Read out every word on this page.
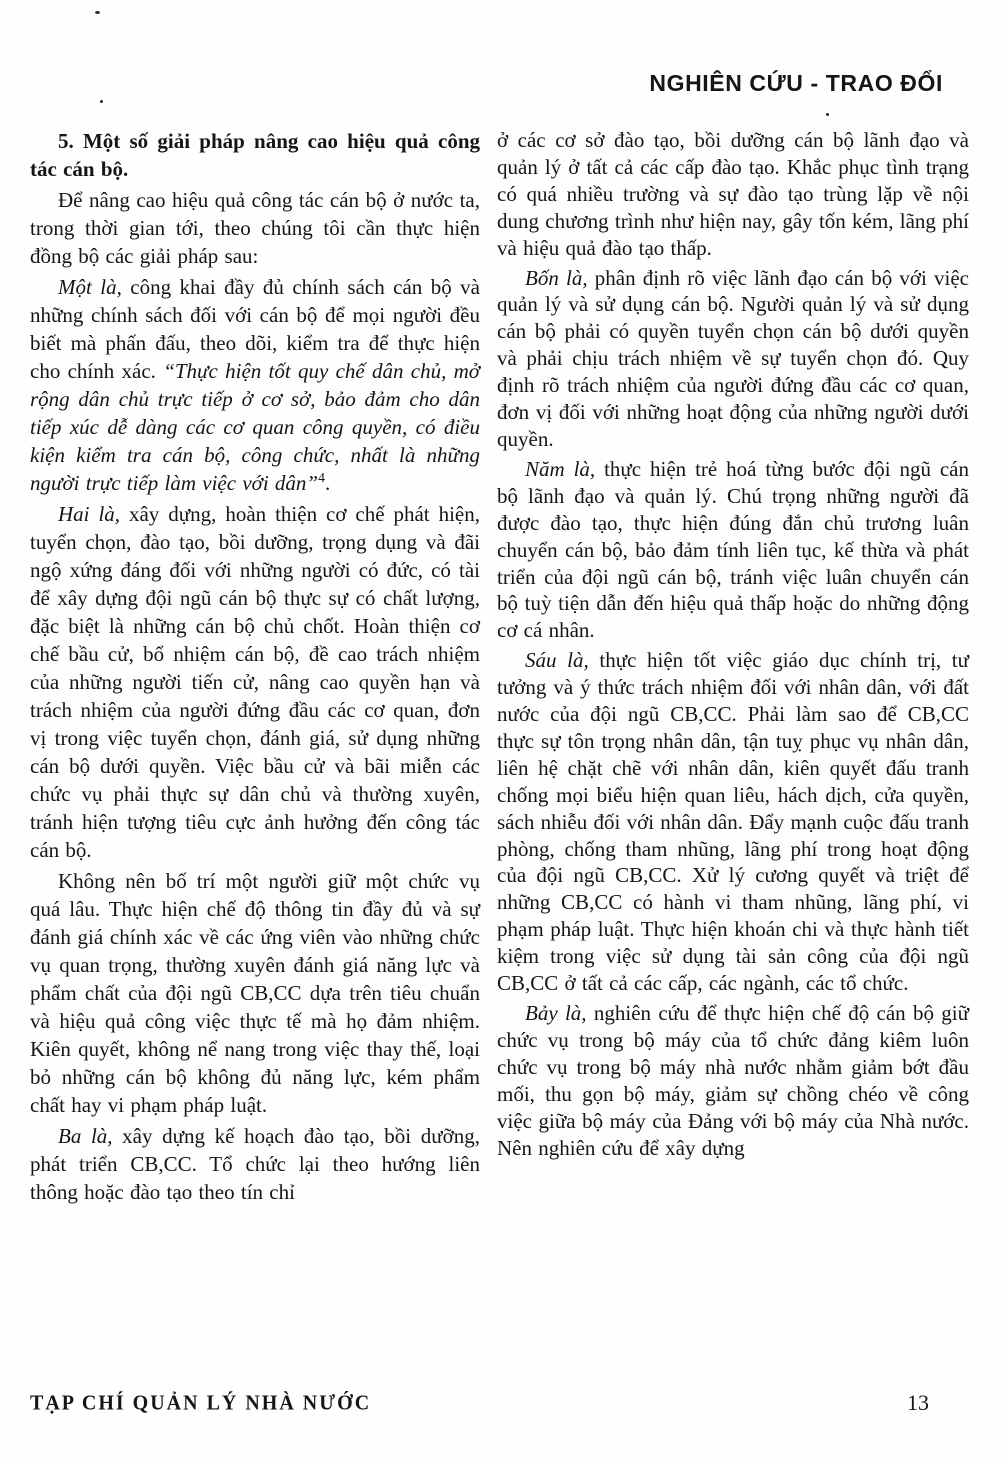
NGHIÊN CỨU - TRAO ĐỔI

5. Một số giải pháp nâng cao hiệu quả công tác cán bộ.

Để nâng cao hiệu quả công tác cán bộ ở nước ta, trong thời gian tới, theo chúng tôi cần thực hiện đồng bộ các giải pháp sau:

Một là, công khai đầy đủ chính sách cán bộ và những chính sách đối với cán bộ để mọi người đều biết mà phấn đấu, theo dõi, kiểm tra để thực hiện cho chính xác. “Thực hiện tốt quy chế dân chủ, mở rộng dân chủ trực tiếp ở cơ sở, bảo đảm cho dân tiếp xúc dễ dàng các cơ quan công quyền, có điều kiện kiểm tra cán bộ, công chức, nhất là những người trực tiếp làm việc với dân”$^4$.

Hai là, xây dựng, hoàn thiện cơ chế phát hiện, tuyển chọn, đào tạo, bồi dưỡng, trọng dụng và đãi ngộ xứng đáng đối với những người có đức, có tài để xây dựng đội ngũ cán bộ thực sự có chất lượng, đặc biệt là những cán bộ chủ chốt. Hoàn thiện cơ chế bầu cử, bổ nhiệm cán bộ, đề cao trách nhiệm của những người tiến cử, nâng cao quyền hạn và trách nhiệm của người đứng đầu các cơ quan, đơn vị trong việc tuyển chọn, đánh giá, sử dụng những cán bộ dưới quyền. Việc bầu cử và bãi miễn các chức vụ phải thực sự dân chủ và thường xuyên, tránh hiện tượng tiêu cực ảnh hưởng đến công tác cán bộ.

Không nên bố trí một người giữ một chức vụ quá lâu. Thực hiện chế độ thông tin đầy đủ và sự đánh giá chính xác về các ứng viên vào những chức vụ quan trọng, thường xuyên đánh giá năng lực và phẩm chất của đội ngũ CB,CC dựa trên tiêu chuẩn và hiệu quả công việc thực tế mà họ đảm nhiệm. Kiên quyết, không nể nang trong việc thay thế, loại bỏ những cán bộ không đủ năng lực, kém phẩm chất hay vi phạm pháp luật.

Ba là, xây dựng kế hoạch đào tạo, bồi dưỡng, phát triển CB,CC. Tổ chức lại theo hướng liên thông hoặc đào tạo theo tín chỉ

ở các cơ sở đào tạo, bồi dưỡng cán bộ lãnh đạo và quản lý ở tất cả các cấp đào tạo. Khắc phục tình trạng có quá nhiều trường và sự đào tạo trùng lặp về nội dung chương trình như hiện nay, gây tốn kém, lãng phí và hiệu quả đào tạo thấp.

Bốn là, phân định rõ việc lãnh đạo cán bộ với việc quản lý và sử dụng cán bộ. Người quản lý và sử dụng cán bộ phải có quyền tuyển chọn cán bộ dưới quyền và phải chịu trách nhiệm về sự tuyển chọn đó. Quy định rõ trách nhiệm của người đứng đầu các cơ quan, đơn vị đối với những hoạt động của những người dưới quyền.

Năm là, thực hiện trẻ hoá từng bước đội ngũ cán bộ lãnh đạo và quản lý. Chú trọng những người đã được đào tạo, thực hiện đúng đắn chủ trương luân chuyển cán bộ, bảo đảm tính liên tục, kế thừa và phát triển của đội ngũ cán bộ, tránh việc luân chuyển cán bộ tuỳ tiện dẫn đến hiệu quả thấp hoặc do những động cơ cá nhân.

Sáu là, thực hiện tốt việc giáo dục chính trị, tư tưởng và ý thức trách nhiệm đối với nhân dân, với đất nước của đội ngũ CB,CC. Phải làm sao để CB,CC thực sự tôn trọng nhân dân, tận tuỵ phục vụ nhân dân, liên hệ chặt chẽ với nhân dân, kiên quyết đấu tranh chống mọi biểu hiện quan liêu, hách dịch, cửa quyền, sách nhiễu đối với nhân dân. Đẩy mạnh cuộc đấu tranh phòng, chống tham nhũng, lãng phí trong hoạt động của đội ngũ CB,CC. Xử lý cương quyết và triệt để những CB,CC có hành vi tham nhũng, lãng phí, vi phạm pháp luật. Thực hiện khoán chi và thực hành tiết kiệm trong việc sử dụng tài sản công của đội ngũ CB,CC ở tất cả các cấp, các ngành, các tổ chức.

Bảy là, nghiên cứu để thực hiện chế độ cán bộ giữ chức vụ trong bộ máy của tổ chức đảng kiêm luôn chức vụ trong bộ máy nhà nước nhằm giảm bớt đầu mối, thu gọn bộ máy, giảm sự chồng chéo về công việc giữa bộ máy của Đảng với bộ máy của Nhà nước. Nên nghiên cứu để xây dựng

TẠP CHÍ QUẢN LÝ NHÀ NƯỚC	13
